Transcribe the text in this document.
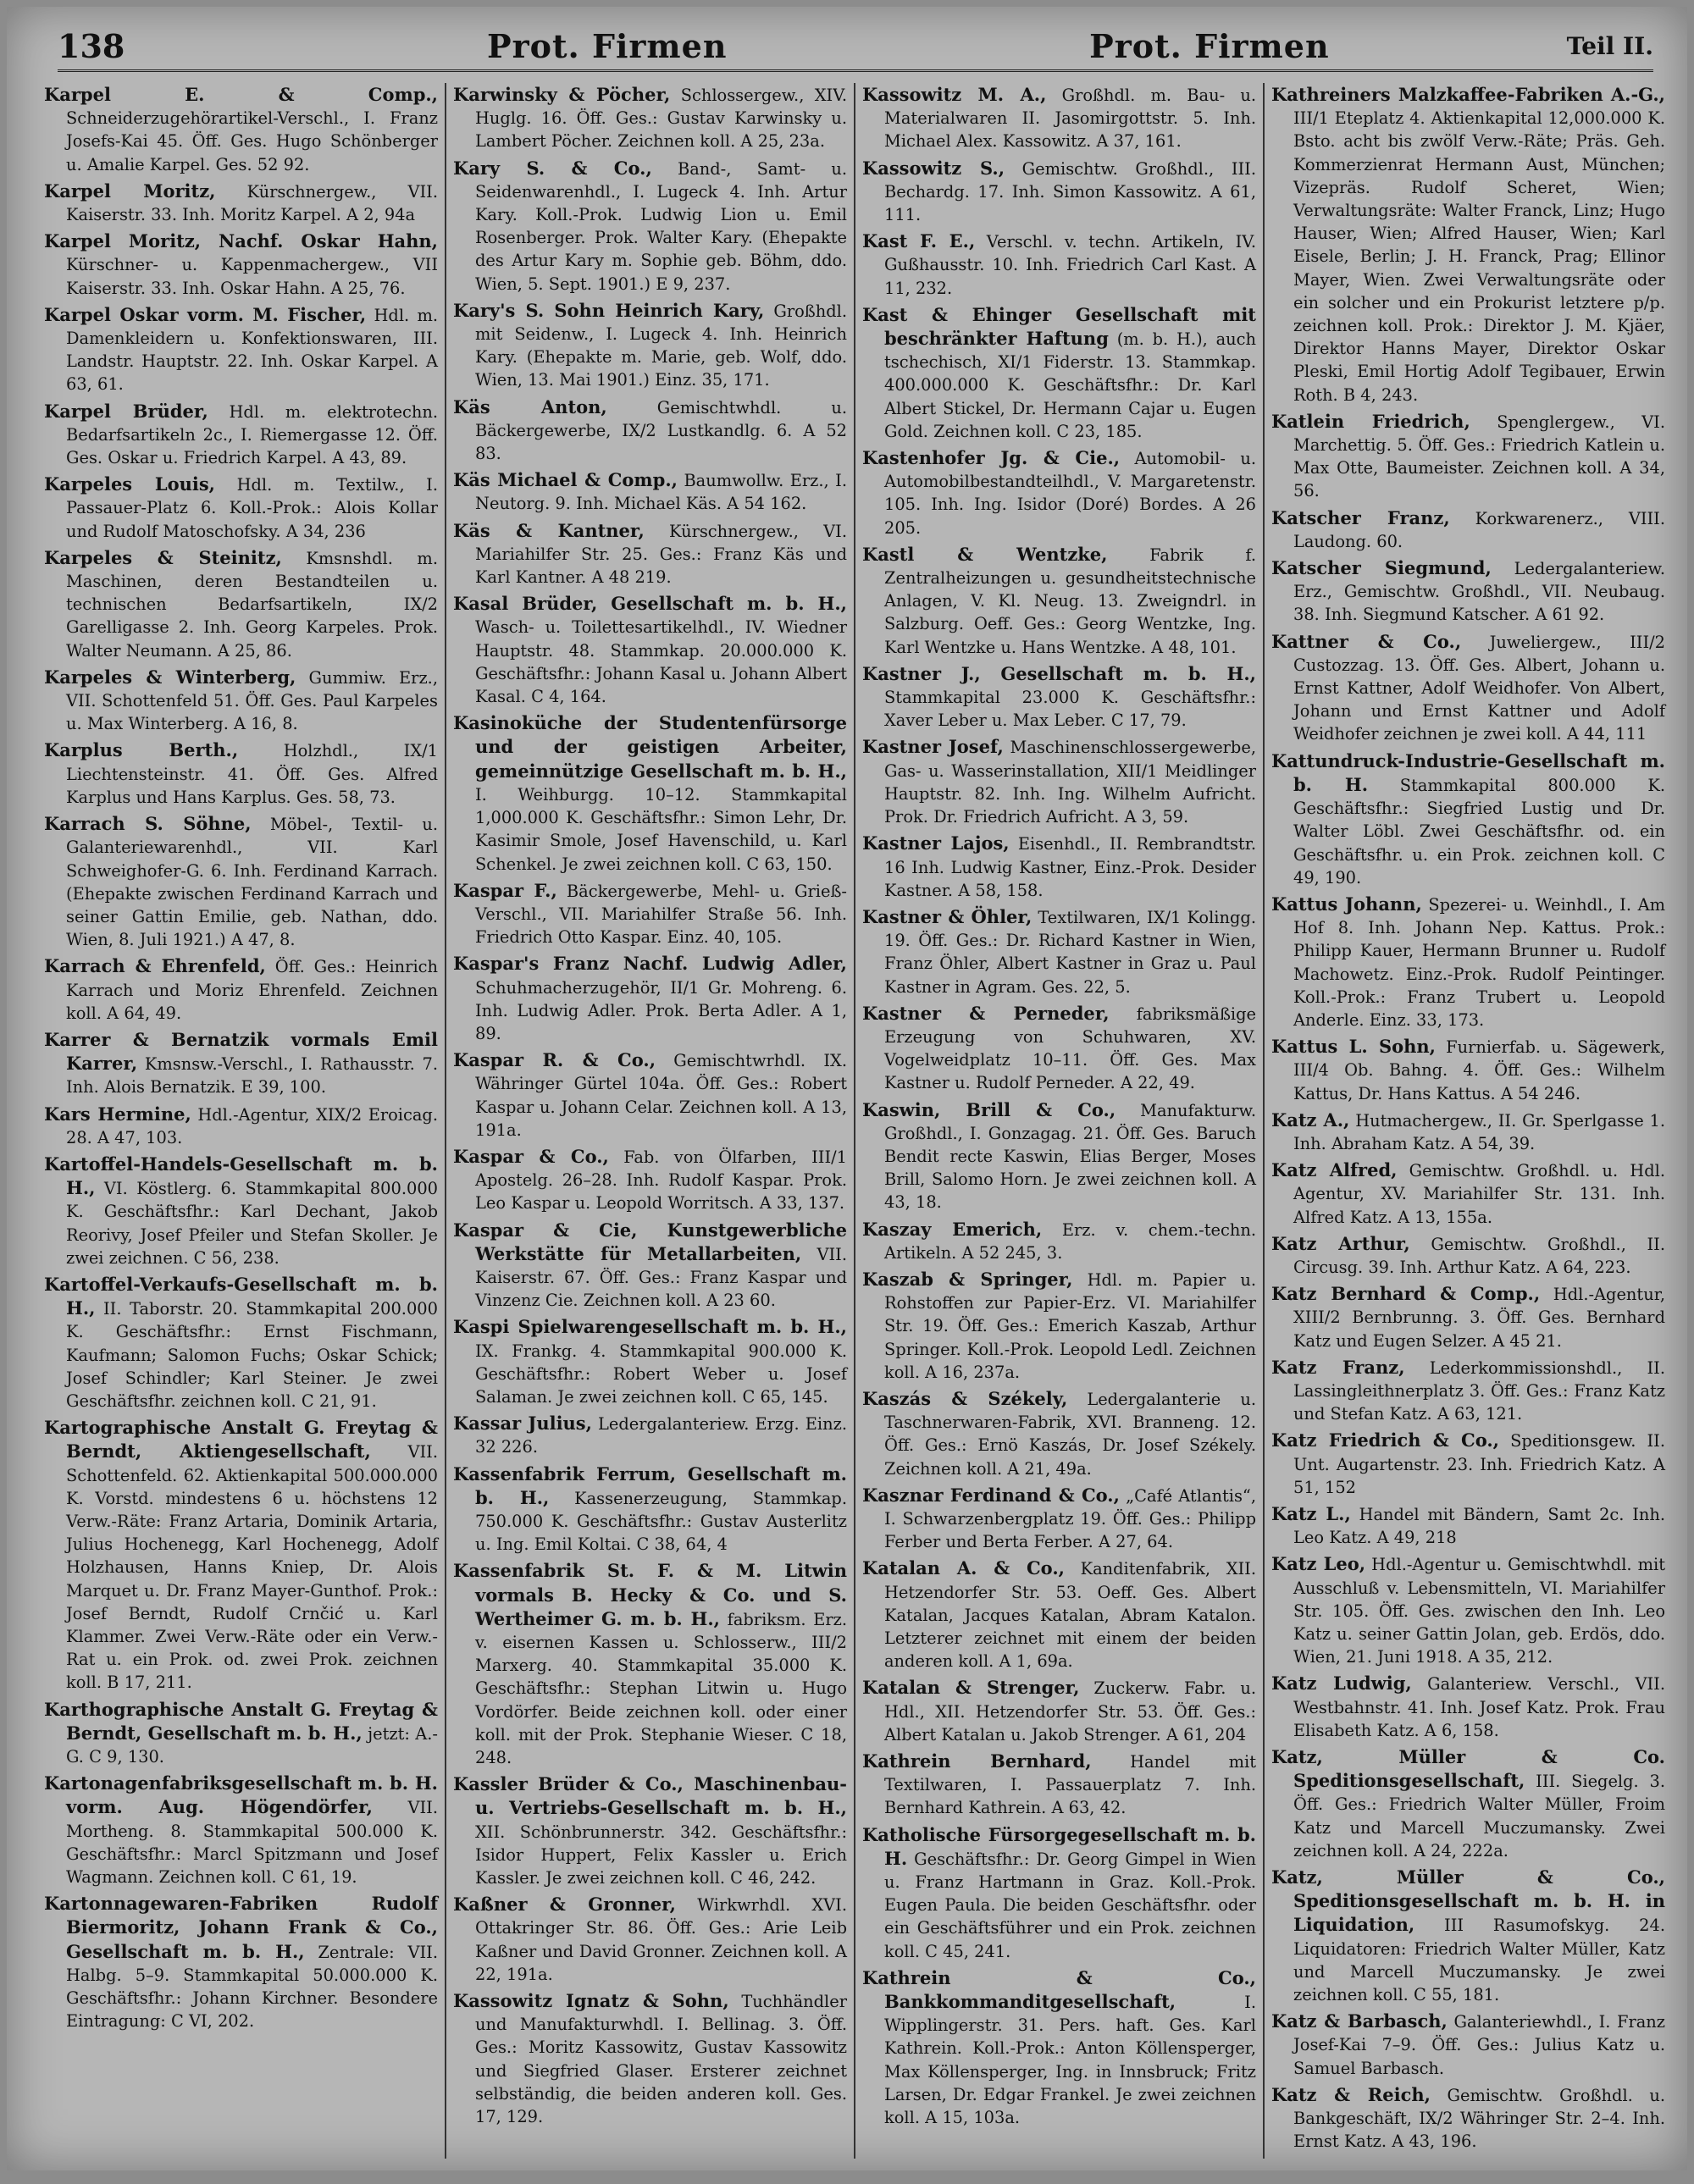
138	Prot. Firmen	Prot. Firmen	Teil II.
Karpel E. & Comp., Schneiderzugehörartikel-Verschl., I. Franz Josefs-Kai 45. Öff. Ges. Hugo Schönberger u. Amalie Karpel. Ges. 52 92.
Karpel Moritz, Kürschnergew., VII. Kaiserstr. 33. Inh. Moritz Karpel. A 2, 94a
Karpel Moritz, Nachf. Oskar Hahn, Kürschner- u. Kappenmachergew., VII Kaiserstr. 33. Inh. Oskar Hahn. A 25, 76.
Karpel Oskar vorm. M. Fischer, Hdl. m. Damenkleidern u. Konfektionswaren, III. Landstr. Hauptstr. 22. Inh. Oskar Karpel. A 63, 61.
Karpel Brüder, Hdl. m. elektrotechn. Bedarfsartikeln 2c., I. Riemergasse 12. Öff. Ges. Oskar u. Friedrich Karpel. A 43, 89.
Karpeles Louis, Hdl. m. Textilw., I. Passauer-Platz 6. Koll.-Prok.: Alois Kollar und Rudolf Matoschofsky. A 34, 236
Karpeles & Steinitz, Kmsnshdl. m. Maschinen, deren Bestandteilen u. technischen Bedarfsartikeln, IX/2 Garelligasse 2. Inh. Georg Karpeles. Prok. Walter Neumann. A 25, 86.
Karpeles & Winterberg, Gummiw. Erz., VII. Schottenfeld 51. Öff. Ges. Paul Karpeles u. Max Winterberg. A 16, 8.
Karplus Berth.,	Holzhdl., IX/1 Liechtensteinstr. 41. Öff. Ges. Alfred Karplus und Hans Karplus. Ges. 58, 73.
Karrach S. Söhne, Möbel-, Textil- u. Galanteriewarenhdl., VII. Karl Schweighofer-G. 6. Inh. Ferdinand Karrach. (Ehepakte zwischen Ferdinand Karrach und seiner Gattin Emilie, geb. Nathan, ddo. Wien, 8. Juli 1921.) A 47, 8.
Karrach & Ehrenfeld, Öff. Ges.: Heinrich Karrach und Moriz Ehrenfeld. Zeichnen koll. A 64, 49.
Karrer & Bernatzik vormals Emil Karrer, Kmsnsw.-Verschl., I. Rathausstr. 7. Inh. Alois Bernatzik. E 39, 100.
Kars Hermine, Hdl.-Agentur, XIX/2 Eroicag. 28. A 47, 103.
Kartoffel-Handels-Gesellschaft m. b. H., VI. Köstlerg. 6. Stammkapital 800.000 K. Geschäftsfhr.: Karl Dechant, Jakob Reorivy, Josef Pfeiler und Stefan Skoller. Je zwei zeichnen. C 56, 238.
Kartoffel-Verkaufs-Gesellschaft m. b. H., II. Taborstr. 20. Stammkapital 200.000 K. Geschäftsfhr.: Ernst Fischmann, Kaufmann; Salomon Fuchs; Oskar Schick; Josef Schindler; Karl Steiner. Je zwei Geschäftsfhr. zeichnen koll. C 21, 91.
Kartographische Anstalt G. Freytag & Berndt, Aktiengesellschaft, VII. Schottenfeld. 62. Aktienkapital 500.000.000 K. Vorstd. mindestens 6 u. höchstens 12 Verw.-Räte: Franz Artaria, Dominik Artaria, Julius Hochenegg, Karl Hochenegg, Adolf Holzhausen, Hanns Kniep, Dr. Alois Marquet u. Dr. Franz Mayer-Gunthof. Prok.: Josef Berndt, Rudolf Crnčić u. Karl Klammer. Zwei Verw.-Räte oder ein Verw.-Rat u. ein Prok. od. zwei Prok. zeichnen koll. B 17, 211.
Karthographische Anstalt G. Freytag & Berndt, Gesellschaft m. b. H., jetzt: A.-G. C 9, 130.
Kartonagenfabriksgesellschaft m. b. H. vorm. Aug. Högendörfer, VII. Mortheng. 8. Stammkapital 500.000 K. Geschäftsfhr.: Marcl Spitzmann und Josef Wagmann. Zeichnen koll. C 61, 19.
Kartonnagewaren-Fabriken Rudolf Biermoritz, Johann Frank & Co., Gesellschaft m. b. H., Zentrale: VII. Halbg. 5–9. Stammkapital 50.000.000 K. Geschäftsfhr.: Johann Kirchner. Besondere Eintragung: C VI, 202.
Karwinsky & Pöcher, Schlossergew., XIV. Huglg. 16. Öff. Ges.: Gustav Karwinsky u. Lambert Pöcher. Zeichnen koll. A 25, 23a.
Kary S. & Co., Band-, Samt- u. Seidenwarenhdl., I. Lugeck 4. Inh. Artur Kary. Koll.-Prok. Ludwig Lion u. Emil Rosenberger. Prok. Walter Kary. (Ehepakte des Artur Kary m. Sophie geb. Böhm, ddo. Wien, 5. Sept. 1901.) E 9, 237.
Kary's S. Sohn Heinrich Kary, Großhdl. mit Seidenw., I. Lugeck 4. Inh. Heinrich Kary. (Ehepakte m. Marie, geb. Wolf, ddo. Wien, 13. Mai 1901.) Einz. 35, 171.
Käs Anton,	Gemischtwhdl. u. Bäckergewerbe, IX/2 Lustkandlg. 6. A 52 83.
Käs Michael & Comp., Baumwollw. Erz., I. Neutorg. 9. Inh. Michael Käs. A 54 162.
Käs & Kantner, Kürschnergew., VI. Mariahilfer Str. 25. Ges.: Franz Käs und Karl Kantner. A 48 219.
Kasal Brüder, Gesellschaft m. b. H., Wasch- u. Toilettesartikelhdl., IV. Wiedner Hauptstr. 48. Stammkap. 20.000.000 K. Geschäftsfhr.: Johann Kasal u. Johann Albert Kasal. C 4, 164.
Kasinoküche der Studentenfürsorge und der geistigen Arbeiter, gemeinnützige Gesellschaft m. b. H., I. Weihburgg. 10–12. Stammkapital 1,000.000 K. Geschäftsfhr.: Simon Lehr, Dr. Kasimir Smole, Josef Havenschild, u. Karl Schenkel. Je zwei zeichnen koll. C 63, 150.
Kaspar F., Bäckergewerbe, Mehl- u. Grieß-Verschl., VII. Mariahilfer Straße 56. Inh. Friedrich Otto Kaspar. Einz. 40, 105.
Kaspar's Franz Nachf. Ludwig Adler, Schuhmacherzugehör, II/1 Gr. Mohreng. 6. Inh. Ludwig Adler. Prok. Berta Adler. A 1, 89.
Kaspar R. & Co., Gemischtwrhdl. IX. Währinger Gürtel 104a. Öff. Ges.: Robert Kaspar u. Johann Celar. Zeichnen koll. A 13, 191a.
Kaspar & Co., Fab. von Ölfarben, III/1 Apostelg. 26–28. Inh. Rudolf Kaspar. Prok. Leo Kaspar u. Leopold Worritsch. A 33, 137.
Kaspar & Cie, Kunstgewerbliche Werkstätte für Metallarbeiten, VII. Kaiserstr. 67. Öff. Ges.: Franz Kaspar und Vinzenz Cie. Zeichnen koll. A 23 60.
Kaspi Spielwarengesellschaft m. b. H., IX. Frankg. 4. Stammkapital 900.000 K. Geschäftsfhr.: Robert Weber u. Josef Salaman. Je zwei zeichnen koll. C 65, 145.
Kassar Julius, Ledergalanteriew. Erzg. Einz. 32 226.
Kassenfabrik Ferrum, Gesellschaft m. b. H., Kassenerzeugung, Stammkap. 750.000 K. Geschäftsfhr.: Gustav Austerlitz u. Ing. Emil Koltai. C 38, 64, 4
Kassenfabrik St. F. & M. Litwin vormals B. Hecky & Co. und S. Wertheimer G. m. b. H., fabriksm. Erz. v. eisernen Kassen u. Schlosserw., III/2 Marxerg. 40. Stammkapital 35.000 K. Geschäftsfhr.: Stephan Litwin u. Hugo Vordörfer. Beide zeichnen koll. oder einer koll. mit der Prok. Stephanie Wieser. C 18, 248.
Kassler Brüder & Co., Maschinenbau- u. Vertriebs-Gesellschaft m. b. H., XII. Schönbrunnerstr. 342. Geschäftsfhr.: Isidor Huppert, Felix Kassler u. Erich Kassler. Je zwei zeichnen koll. C 46, 242.
Kaßner & Gronner, Wirkwrhdl. XVI. Ottakringer Str. 86. Öff. Ges.: Arie Leib Kaßner und David Gronner. Zeichnen koll. A 22, 191a.
Kassowitz Ignatz & Sohn, Tuchhändler und Manufakturwhdl. I. Bellinag. 3. Öff. Ges.: Moritz Kassowitz, Gustav Kassowitz und Siegfried Glaser. Ersterer zeichnet selbständig, die beiden anderen koll. Ges. 17, 129.
Kassowitz M. A., Großhdl. m. Bau- u. Materialwaren II. Jasomirgottstr. 5. Inh. Michael Alex. Kassowitz. A 37, 161.
Kassowitz S., Gemischtw. Großhdl., III. Bechardg. 17. Inh. Simon Kassowitz. A 61, 111.
Kast F. E., Verschl. v. techn. Artikeln, IV. Gußhausstr. 10. Inh. Friedrich Carl Kast. A 11, 232.
Kast & Ehinger Gesellschaft mit beschränkter Haftung (m. b. H.), auch tschechisch, XI/1 Fiderstr. 13. Stammkap. 400.000.000 K. Geschäftsfhr.: Dr. Karl Albert Stickel, Dr. Hermann Cajar u. Eugen Gold. Zeichnen koll. C 23, 185.
Kastenhofer Jg. & Cie., Automobil- u. Automobilbestandteilhdl., V. Margaretenstr. 105. Inh. Ing. Isidor (Doré) Bordes. A 26 205.
Kastl & Wentzke,	Fabrik f. Zentralheizungen u. gesundheitstechnische Anlagen, V. Kl. Neug. 13. Zweigndrl. in Salzburg. Oeff. Ges.: Georg Wentzke, Ing. Karl Wentzke u. Hans Wentzke. A 48, 101.
Kastner J., Gesellschaft m. b. H., Stammkapital 23.000 K. Geschäftsfhr.: Xaver Leber u. Max Leber. C 17, 79.
Kastner Josef, Maschinenschlossergewerbe, Gas- u. Wasserinstallation, XII/1 Meidlinger Hauptstr. 82. Inh. Ing. Wilhelm Aufricht. Prok. Dr. Friedrich Aufricht. A 3, 59.
Kastner Lajos, Eisenhdl., II. Rembrandtstr. 16 Inh. Ludwig Kastner, Einz.-Prok. Desider Kastner. A 58, 158.
Kastner & Öhler, Textilwaren, IX/1 Kolingg. 19. Öff. Ges.: Dr. Richard Kastner in Wien, Franz Öhler, Albert Kastner in Graz u. Paul Kastner in Agram. Ges. 22, 5.
Kastner & Perneder, fabriksmäßige Erzeugung von Schuhwaren, XV. Vogelweidplatz 10–11. Öff. Ges. Max Kastner u. Rudolf Perneder. A 22, 49.
Kaswin, Brill & Co., Manufakturw. Großhdl., I. Gonzagag. 21. Öff. Ges. Baruch Bendit recte Kaswin, Elias Berger, Moses Brill, Salomo Horn. Je zwei zeichnen koll. A 43, 18.
Kaszay Emerich, Erz. v. chem.-techn. Artikeln. A 52 245, 3.
Kaszab & Springer, Hdl. m. Papier u. Rohstoffen zur Papier-Erz. VI. Mariahilfer Str. 19. Öff. Ges.: Emerich Kaszab, Arthur Springer. Koll.-Prok. Leopold Ledl. Zeichnen koll. A 16, 237a.
Kaszás & Székely, Ledergalanterie u. Taschnerwaren-Fabrik, XVI. Branneng. 12. Öff. Ges.: Ernö Kaszás, Dr. Josef Székely. Zeichnen koll. A 21, 49a.
Kasznar Ferdinand & Co., „Café Atlantis“, I. Schwarzenbergplatz 19. Öff. Ges.: Philipp Ferber und Berta Ferber. A 27, 64.
Katalan A. & Co., Kanditenfabrik, XII. Hetzendorfer Str. 53. Oeff. Ges. Albert Katalan, Jacques Katalan, Abram Katalon. Letzterer zeichnet mit einem der beiden anderen koll. A 1, 69a.
Katalan & Strenger, Zuckerw. Fabr. u. Hdl., XII. Hetzendorfer Str. 53. Öff. Ges.: Albert Katalan u. Jakob Strenger. A 61, 204
Kathrein Bernhard, Handel mit Textilwaren, I. Passauerplatz 7. Inh. Bernhard Kathrein. A 63, 42.
Katholische Fürsorgegesellschaft m. b. H. Geschäftsfhr.: Dr. Georg Gimpel in Wien u. Franz Hartmann in Graz. Koll.-Prok. Eugen Paula. Die beiden Geschäftsfhr. oder ein Geschäftsführer und ein Prok. zeichnen koll. C 45, 241.
Kathrein & Co., Bankkommanditgesellschaft,	I. Wipplingerstr. 31. Pers. haft. Ges. Karl Kathrein. Koll.-Prok.: Anton Köllensperger, Max Köllensperger, Ing. in Innsbruck; Fritz Larsen, Dr. Edgar Frankel. Je zwei zeichnen koll. A 15, 103a.
Kathreiners Malzkaffee-Fabriken A.-G., III/1 Eteplatz 4. Aktienkapital 12,000.000 K. Bsto. acht bis zwölf Verw.-Räte; Präs. Geh. Kommerzienrat Hermann Aust, München; Vizepräs. Rudolf Scheret, Wien; Verwaltungsräte: Walter Franck, Linz; Hugo Hauser, Wien; Alfred Hauser, Wien; Karl Eisele, Berlin; J. H. Franck, Prag; Ellinor Mayer, Wien. Zwei Verwaltungsräte oder ein solcher und ein Prokurist letztere p/p. zeichnen koll. Prok.: Direktor J. M. Kjäer, Direktor Hanns Mayer, Direktor Oskar Pleski, Emil Hortig Adolf Tegibauer, Erwin Roth. B 4, 243.
Katlein Friedrich, Spenglergew., VI. Marchettig. 5. Öff. Ges.: Friedrich Katlein u. Max Otte, Baumeister. Zeichnen koll. A 34, 56.
Katscher Franz, Korkwarenerz., VIII. Laudong. 60.
Katscher Siegmund, Ledergalanteriew. Erz., Gemischtw. Großhdl., VII. Neubaug. 38. Inh. Siegmund Katscher. A 61 92.
Kattner & Co., Juweliergew., III/2 Custozzag. 13. Öff. Ges. Albert, Johann u. Ernst Kattner, Adolf Weidhofer. Von Albert, Johann und Ernst Kattner und Adolf Weidhofer zeichnen je zwei koll. A 44, 111
Kattundruck-Industrie-Gesellschaft m. b. H. Stammkapital 800.000 K. Geschäftsfhr.: Siegfried Lustig und Dr. Walter Löbl. Zwei Geschäftsfhr. od. ein Geschäftsfhr. u. ein Prok. zeichnen koll. C 49, 190.
Kattus Johann, Spezerei- u. Weinhdl., I. Am Hof 8. Inh. Johann Nep. Kattus. Prok.: Philipp Kauer, Hermann Brunner u. Rudolf Machowetz. Einz.-Prok. Rudolf Peintinger. Koll.-Prok.: Franz Trubert u. Leopold Anderle. Einz. 33, 173.
Kattus L. Sohn, Furnierfab. u. Sägewerk, III/4 Ob. Bahng. 4. Öff. Ges.: Wilhelm Kattus, Dr. Hans Kattus. A 54 246.
Katz A., Hutmachergew., II. Gr. Sperlgasse 1. Inh. Abraham Katz. A 54, 39.
Katz Alfred, Gemischtw. Großhdl. u. Hdl. Agentur, XV. Mariahilfer Str. 131. Inh. Alfred Katz. A 13, 155a.
Katz Arthur, Gemischtw. Großhdl., II. Circusg. 39. Inh. Arthur Katz. A 64, 223.
Katz Bernhard & Comp., Hdl.-Agentur, XIII/2 Bernbrunng. 3. Öff. Ges. Bernhard Katz und Eugen Selzer. A 45 21.
Katz Franz, Lederkommissionshdl., II. Lassingleithnerplatz 3. Öff. Ges.: Franz Katz und Stefan Katz. A 63, 121.
Katz Friedrich & Co., Speditionsgew. II. Unt. Augartenstr. 23. Inh. Friedrich Katz. A 51, 152
Katz L., Handel mit Bändern, Samt 2c. Inh. Leo Katz. A 49, 218
Katz Leo, Hdl.-Agentur u. Gemischtwhdl. mit Ausschluß v. Lebensmitteln, VI. Mariahilfer Str. 105. Öff. Ges. zwischen den Inh. Leo Katz u. seiner Gattin Jolan, geb. Erdös, ddo. Wien, 21. Juni 1918. A 35, 212.
Katz Ludwig, Galanteriew. Verschl., VII. Westbahnstr. 41. Inh. Josef Katz. Prok. Frau Elisabeth Katz. A 6, 158.
Katz, Müller & Co. Speditionsgesellschaft, III. Siegelg. 3. Öff. Ges.: Friedrich Walter Müller, Froim Katz und Marcell Muczumansky. Zwei zeichnen koll. A 24, 222a.
Katz, Müller & Co., Speditionsgesellschaft m. b. H. in Liquidation, III Rasumofskyg. 24. Liquidatoren: Friedrich Walter Müller, Katz und Marcell Muczumansky. Je zwei zeichnen koll. C 55, 181.
Katz & Barbasch, Galanteriewhdl., I. Franz Josef-Kai 7–9. Öff. Ges.: Julius Katz u. Samuel Barbasch.
Katz & Reich, Gemischtw. Großhdl. u. Bankgeschäft, IX/2 Währinger Str. 2–4. Inh. Ernst Katz. A 43, 196.
